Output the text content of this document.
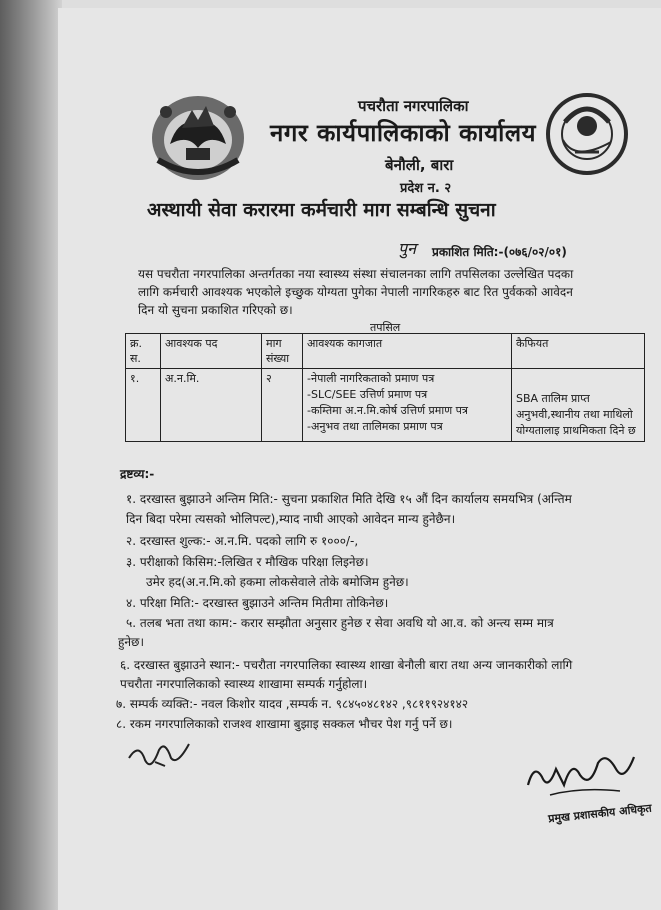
पचरौता नगरपालिका
नगर कार्यपालिकाको कार्यालय
बेनौली, बारा
प्रदेश न. २
अस्थायी सेवा करारमा कर्मचारी माग सम्बन्धि सुचना
पुन प्रकाशित मिति:-(०७६/०२/०१)
यस पचरौता नगरपालिका अन्तर्गतका नया स्वास्थ्य संस्था संचालनका लागि तपसिलका उल्लेखित पदका
लागि कर्मचारी आवश्यक भएकोले इच्छुक योग्यता पुगेका नेपाली नागरिकहरु बाट रित पुर्वकको आवेदन
दिन यो सुचना प्रकाशित गरिएको छ।
तपसिल
क्र. स.	आवश्यक पद	माग संख्या	आवश्यक कागजात	कैफियत
१.	अ.न.मि.	२	-नेपाली नागरिकताको प्रमाण पत्र
-SLC/SEE उत्तिर्ण प्रमाण पत्र
-कम्तिमा अ.न.मि.कोर्ष उत्तिर्ण प्रमाण पत्र
-अनुभव तथा तालिमका प्रमाण पत्र	SBA तालिम प्राप्त अनुभवी,स्थानीय तथा माथिलो योग्यतालाइ प्राथमिकता दिने छ
द्रष्टव्य:-
१. दरखास्त बुझाउने अन्तिम मिति:- सुचना प्रकाशित मिति देखि १५ औं दिन कार्यालय समयभित्र (अन्तिम
दिन बिदा परेमा त्यसको भोलिपल्ट),म्याद नाघी आएको आवेदन मान्य हुनेछैन।
२. दरखास्त शुल्क:- अ.न.मि. पदको लागि रु १०००/-,
३. परीक्षाको किसिम:-लिखित र मौखिक परिक्षा लिइनेछ।
उमेर हद(अ.न.मि.को हकमा लोकसेवाले तोके बमोजिम हुनेछ।
४. परिक्षा मिति:- दरखास्त बुझाउने अन्तिम मितीमा तोकिनेछ।
५. तलब भता तथा काम:- करार सम्झौता अनुसार हुनेछ र सेवा अवधि यो आ.व. को अन्त्य सम्म मात्र
हुनेछ।
६. दरखास्त बुझाउने स्थान:- पचरौता नगरपालिका स्वास्थ्य शाखा बेनौली बारा तथा अन्य जानकारीको लागि
पचरौता नगरपालिकाको स्वास्थ्य शाखामा सम्पर्क गर्नुहोला।
७. सम्पर्क व्यक्ति:- नवल किशोर यादव ,सम्पर्क न. ९८४५०४८१४२ ,९८११९२४१४२
८. रकम नगरपालिकाको राजश्व शाखामा बुझाइ सक्कल भौचर पेश गर्नु पर्ने छ।
प्रमुख प्रशासकीय अधिकृत
